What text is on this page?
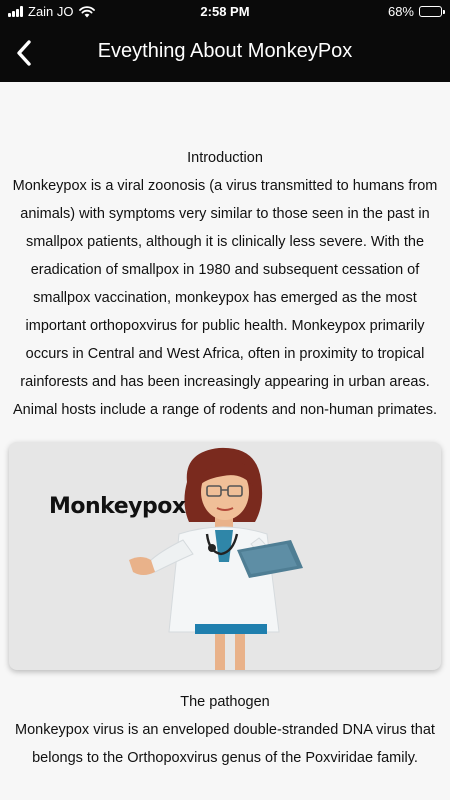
Zain JO	2:58 PM	68%
Eveything About MonkeyPox
Introduction
Monkeypox is a viral zoonosis (a virus transmitted to humans from animals) with symptoms very similar to those seen in the past in smallpox patients, although it is clinically less severe. With the eradication of smallpox in 1980 and subsequent cessation of smallpox vaccination, monkeypox has emerged as the most important orthopoxvirus for public health. Monkeypox primarily occurs in Central and West Africa, often in proximity to tropical rainforests and has been increasingly appearing in urban areas. Animal hosts include a range of rodents and non-human primates.
Monkeypox
The pathogen
Monkeypox virus is an enveloped double-stranded DNA virus that belongs to the Orthopoxvirus genus of the Poxviridae family.
